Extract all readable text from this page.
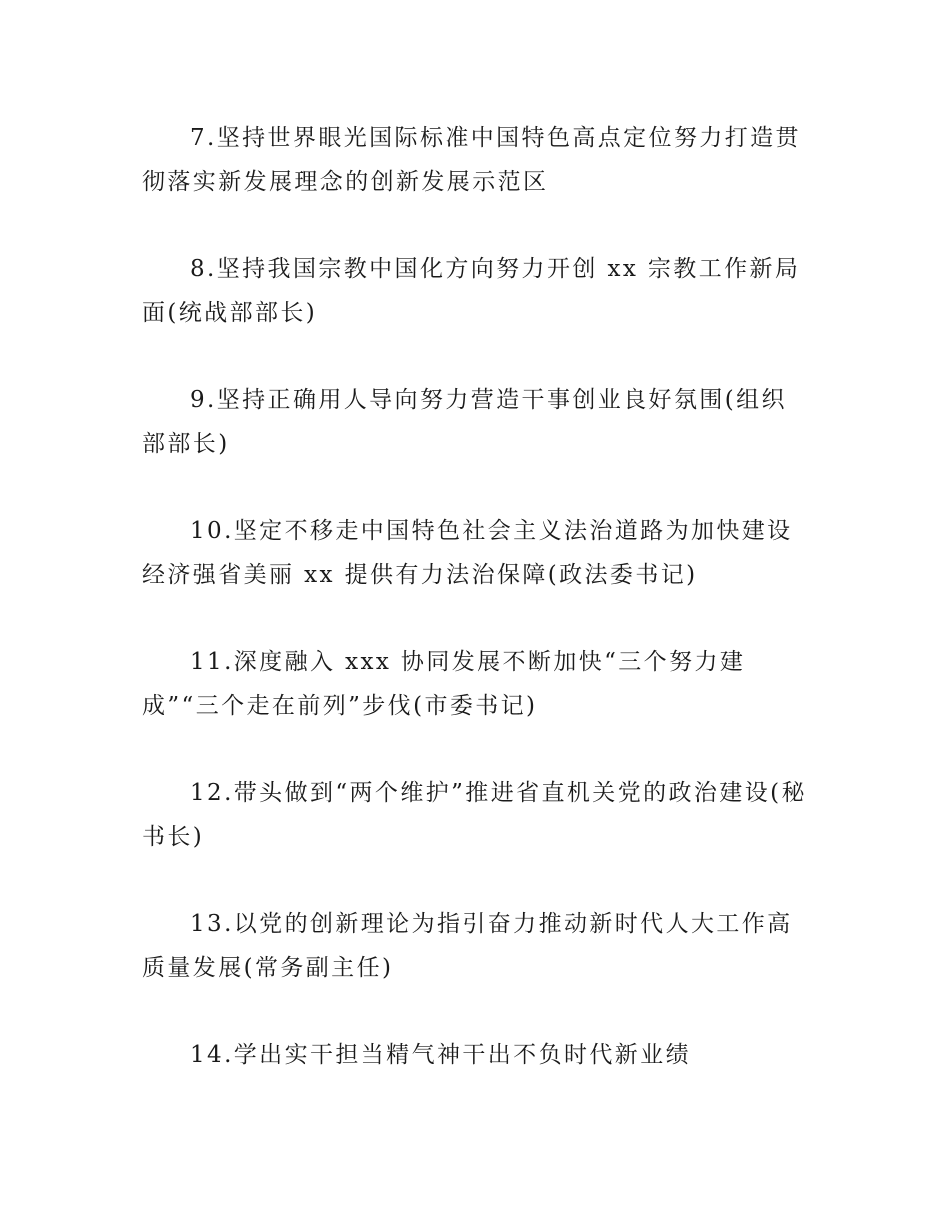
7.坚持世界眼光国际标准中国特色高点定位努力打造贯彻落实新发展理念的创新发展示范区

8.坚持我国宗教中国化方向努力开创 xx 宗教工作新局面(统战部部长)

9.坚持正确用人导向努力营造干事创业良好氛围(组织部部长)

10.坚定不移走中国特色社会主义法治道路为加快建设经济强省美丽 xx 提供有力法治保障(政法委书记)

11.深度融入 xxx 协同发展不断加快“三个努力建成”“三个走在前列”步伐(市委书记)

12.带头做到“两个维护”推进省直机关党的政治建设(秘书长)

13.以党的创新理论为指引奋力推动新时代人大工作高质量发展(常务副主任)

14.学出实干担当精气神干出不负时代新业绩
